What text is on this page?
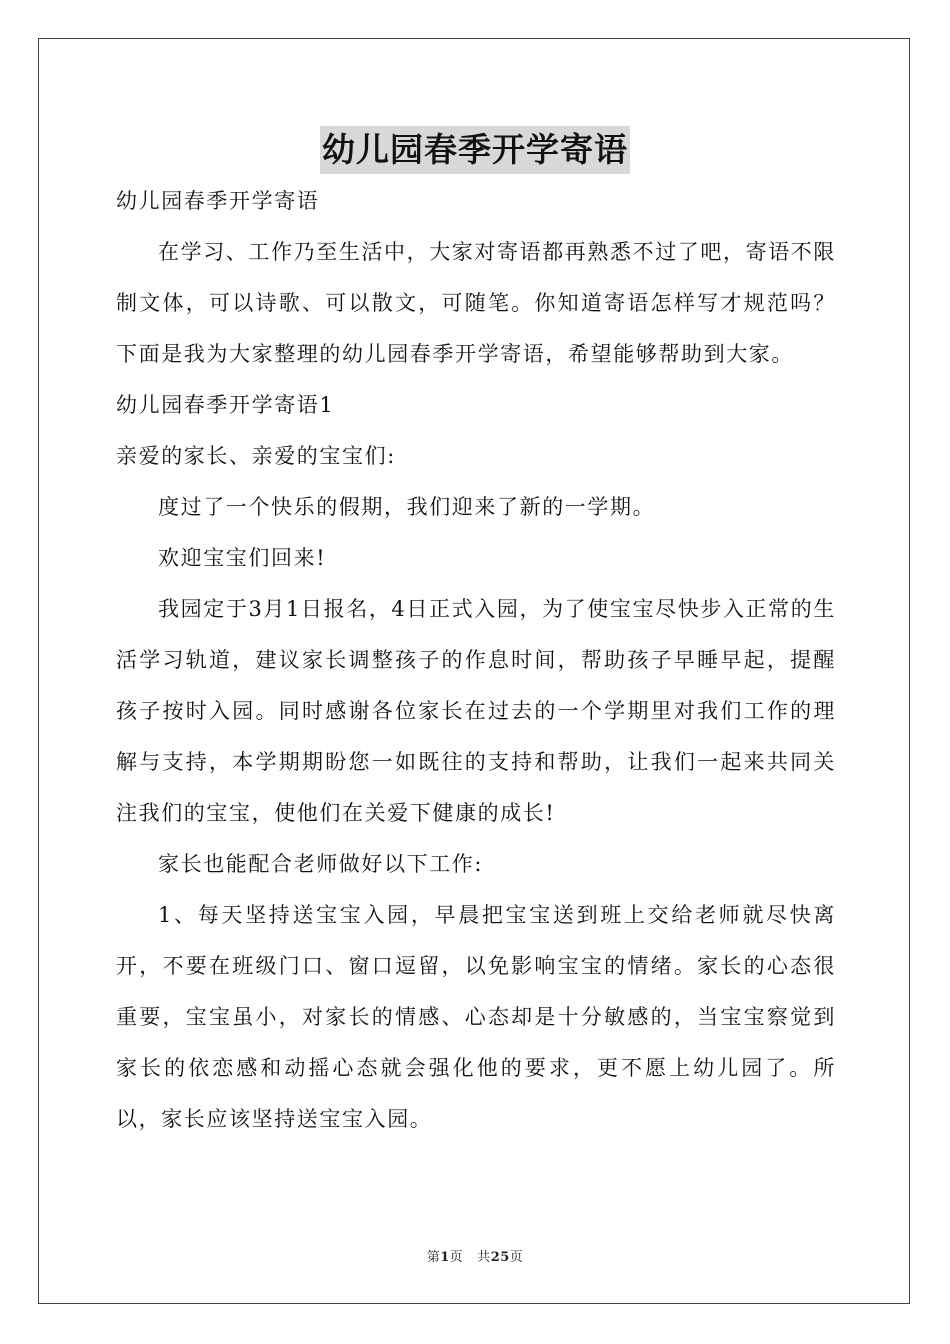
幼儿园春季开学寄语

幼儿园春季开学寄语

在学习、工作乃至生活中，大家对寄语都再熟悉不过了吧，寄语不限制文体，可以诗歌、可以散文，可随笔。你知道寄语怎样写才规范吗？下面是我为大家整理的幼儿园春季开学寄语，希望能够帮助到大家。

幼儿园春季开学寄语1

亲爱的家长、亲爱的宝宝们:

度过了一个快乐的假期，我们迎来了新的一学期。

欢迎宝宝们回来!

我园定于3月1日报名，4日正式入园，为了使宝宝尽快步入正常的生活学习轨道，建议家长调整孩子的作息时间，帮助孩子早睡早起，提醒孩子按时入园。同时感谢各位家长在过去的一个学期里对我们工作的理解与支持，本学期期盼您一如既往的支持和帮助，让我们一起来共同关注我们的宝宝，使他们在关爱下健康的成长!

家长也能配合老师做好以下工作:

1、每天坚持送宝宝入园，早晨把宝宝送到班上交给老师就尽快离开，不要在班级门口、窗口逗留，以免影响宝宝的情绪。家长的心态很重要，宝宝虽小，对家长的情感、心态却是十分敏感的，当宝宝察觉到家长的依恋感和动摇心态就会强化他的要求，更不愿上幼儿园了。所以，家长应该坚持送宝宝入园。

第1页 共25页
